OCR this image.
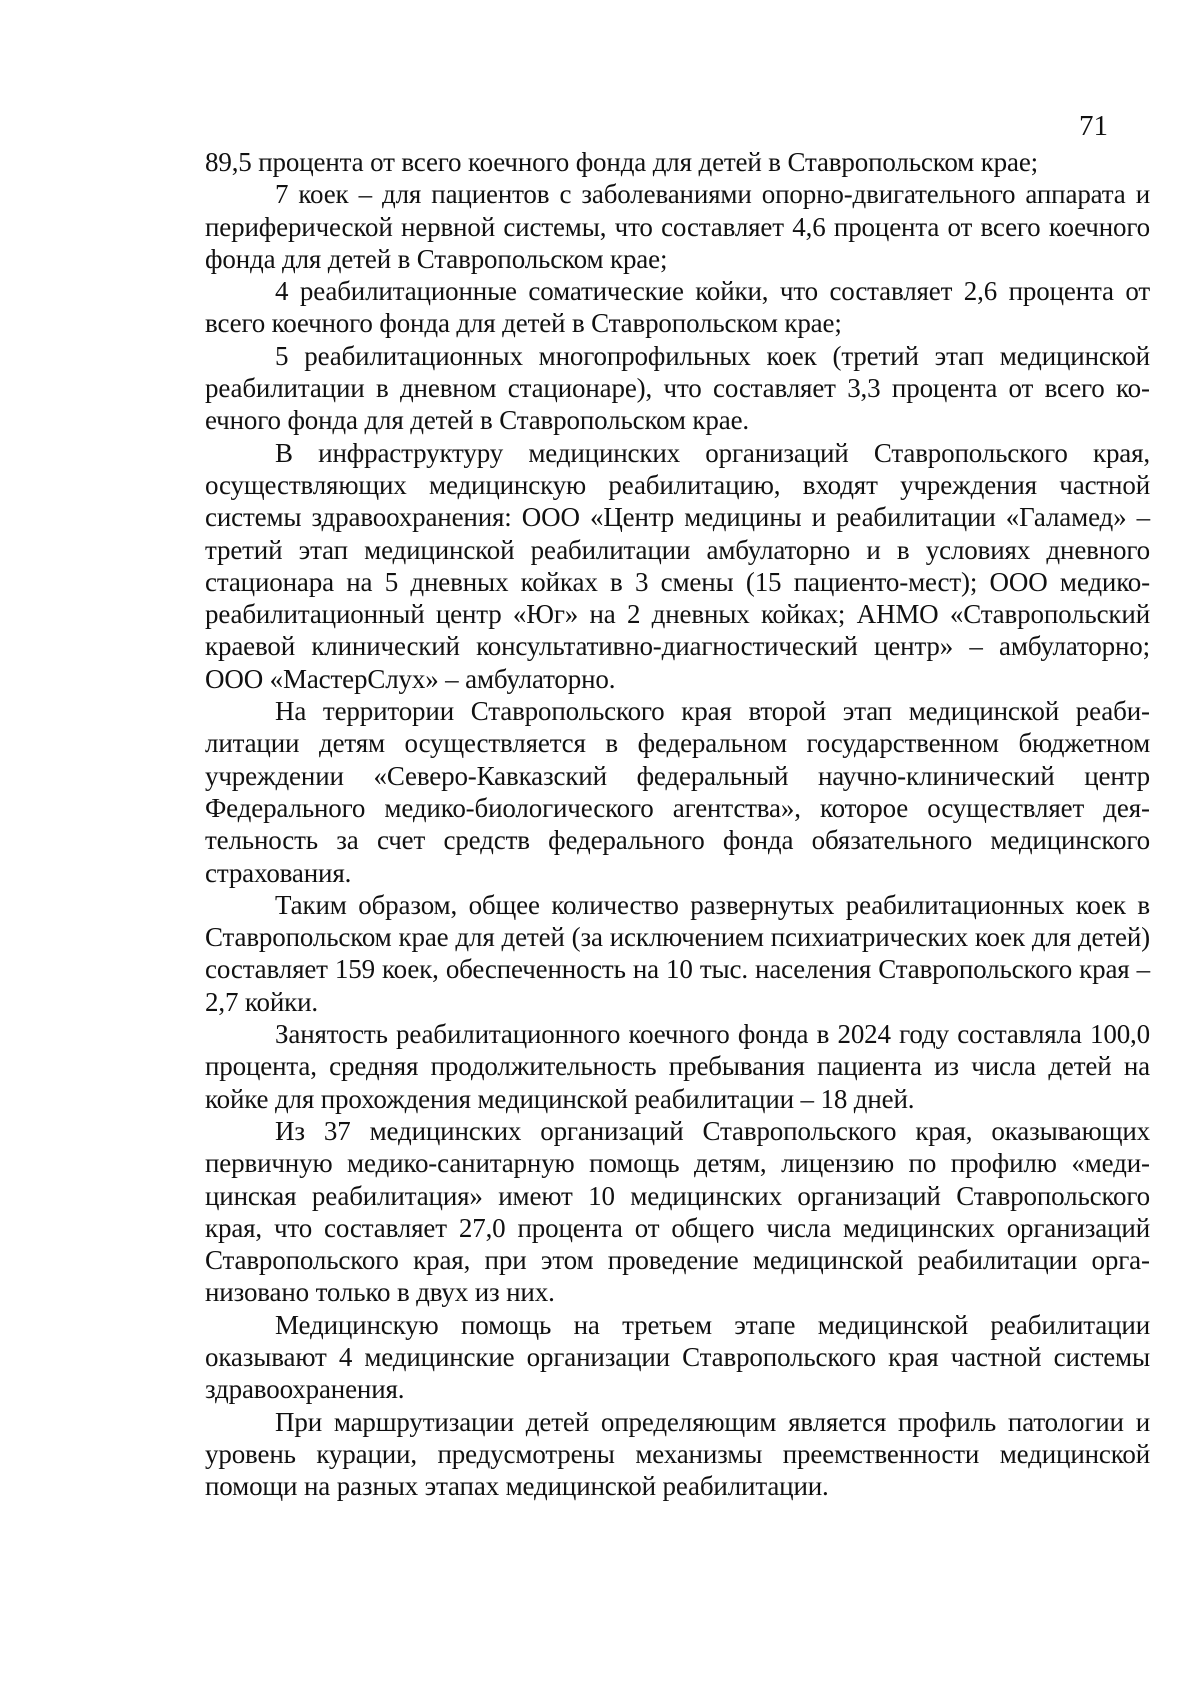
71

89,5 процента от всего коечного фонда для детей в Ставропольском крае;

7 коек – для пациентов с заболеваниями опорно-двигательного аппарата и периферической нервной системы, что составляет 4,6 процента от всего коечного фонда для детей в Ставропольском крае;

4 реабилитационные соматические койки, что составляет 2,6 процента от всего коечного фонда для детей в Ставропольском крае;

5 реабилитационных многопрофильных коек (третий этап медицинской реабилитации в дневном стационаре), что составляет 3,3 процента от всего коечного фонда для детей в Ставропольском крае.

В инфраструктуру медицинских организаций Ставропольского края, осуществляющих медицинскую реабилитацию, входят учреждения частной системы здравоохранения: ООО «Центр медицины и реабилитации «Галамед» – третий этап медицинской реабилитации амбулаторно и в условиях дневного стационара на 5 дневных койках в 3 смены (15 пациенто-мест); ООО медико-реабилитационный центр «Юг» на 2 дневных койках; АНМО «Ставропольский краевой клинический консультативно-диагностический центр» – амбулаторно; ООО «МастерСлух» – амбулаторно.

На территории Ставропольского края второй этап медицинской реабилитации детям осуществляется в федеральном государственном бюджетном учреждении «Северо-Кавказский федеральный научно-клинический центр Федерального медико-биологического агентства», которое осуществляет деятельность за счет средств федерального фонда обязательного медицинского страхования.

Таким образом, общее количество развернутых реабилитационных коек в Ставропольском крае для детей (за исключением психиатрических коек для детей) составляет 159 коек, обеспеченность на 10 тыс. населения Ставропольского края – 2,7 койки.

Занятость реабилитационного коечного фонда в 2024 году составляла 100,0 процента, средняя продолжительность пребывания пациента из числа детей на койке для прохождения медицинской реабилитации – 18 дней.

Из 37 медицинских организаций Ставропольского края, оказывающих первичную медико-санитарную помощь детям, лицензию по профилю «медицинская реабилитация» имеют 10 медицинских организаций Ставропольского края, что составляет 27,0 процента от общего числа медицинских организаций Ставропольского края, при этом проведение медицинской реабилитации организовано только в двух из них.

Медицинскую помощь на третьем этапе медицинской реабилитации оказывают 4 медицинские организации Ставропольского края частной системы здравоохранения.

При маршрутизации детей определяющим является профиль патологии и уровень курации, предусмотрены механизмы преемственности медицинской помощи на разных этапах медицинской реабилитации.
